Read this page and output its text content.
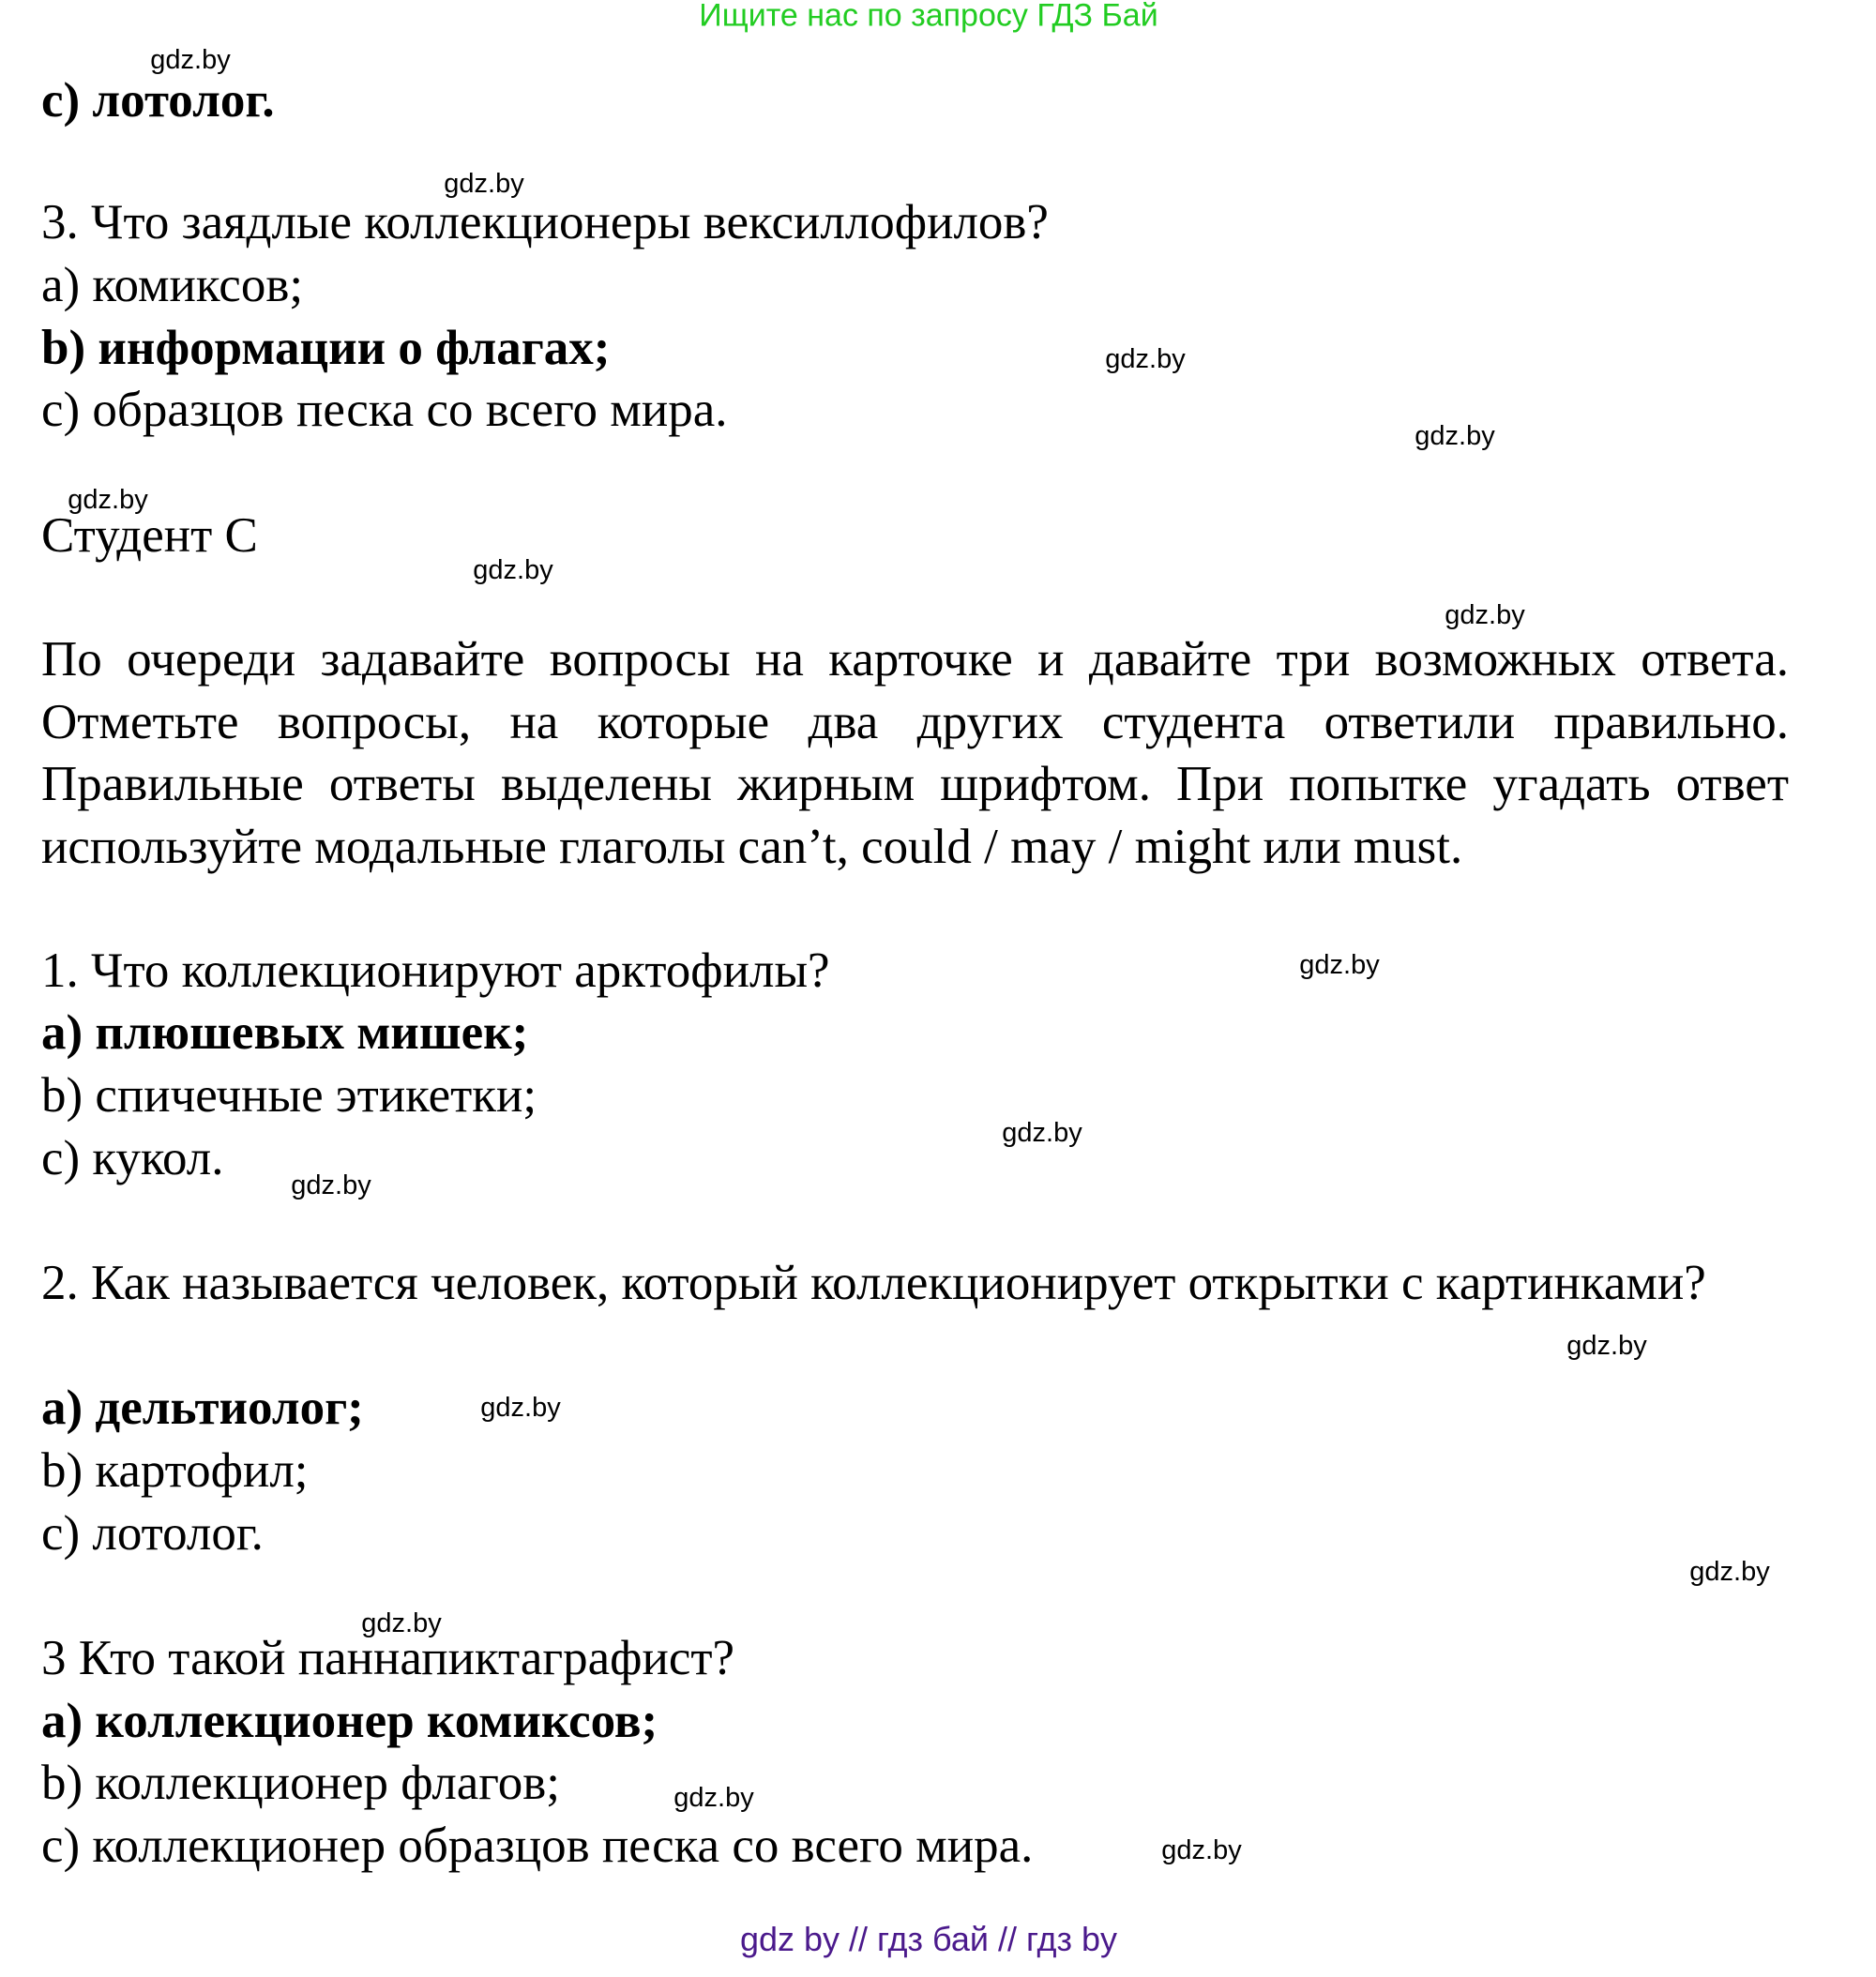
Ищите нас по запросу ГДЗ Бай
c) лотолог.
3. Что заядлые коллекционеры вексиллофилов?
a) комиксов;
b) информации о флагах;
c) образцов песка со всего мира.
Студент С
По очереди задавайте вопросы на карточке и давайте три возможных ответа. Отметьте вопросы, на которые два других студента ответили правильно. Правильные ответы выделены жирным шрифтом. При попытке угадать ответ используйте модальные глаголы can’t, could / may / might или must.
1. Что коллекционируют арктофилы?
a) плюшевых мишек;
b) спичечные этикетки;
c) кукол.
2. Как называется человек, который коллекционирует открытки с картинками?
a) дельтиолог;
b) картофил;
c) лотолог.
3 Кто такой паннапиктаграфист?
a) коллекционер комиксов;
b) коллекционер флагов;
c) коллекционер образцов песка со всего мира.
gdz.by
gdz.by
gdz.by
gdz.by
gdz.by
gdz.by
gdz.by
gdz.by
gdz.by
gdz.by
gdz.by
gdz.by
gdz.by
gdz.by
gdz.by
gdz.by
gdz by // гдз бай // гдз by
